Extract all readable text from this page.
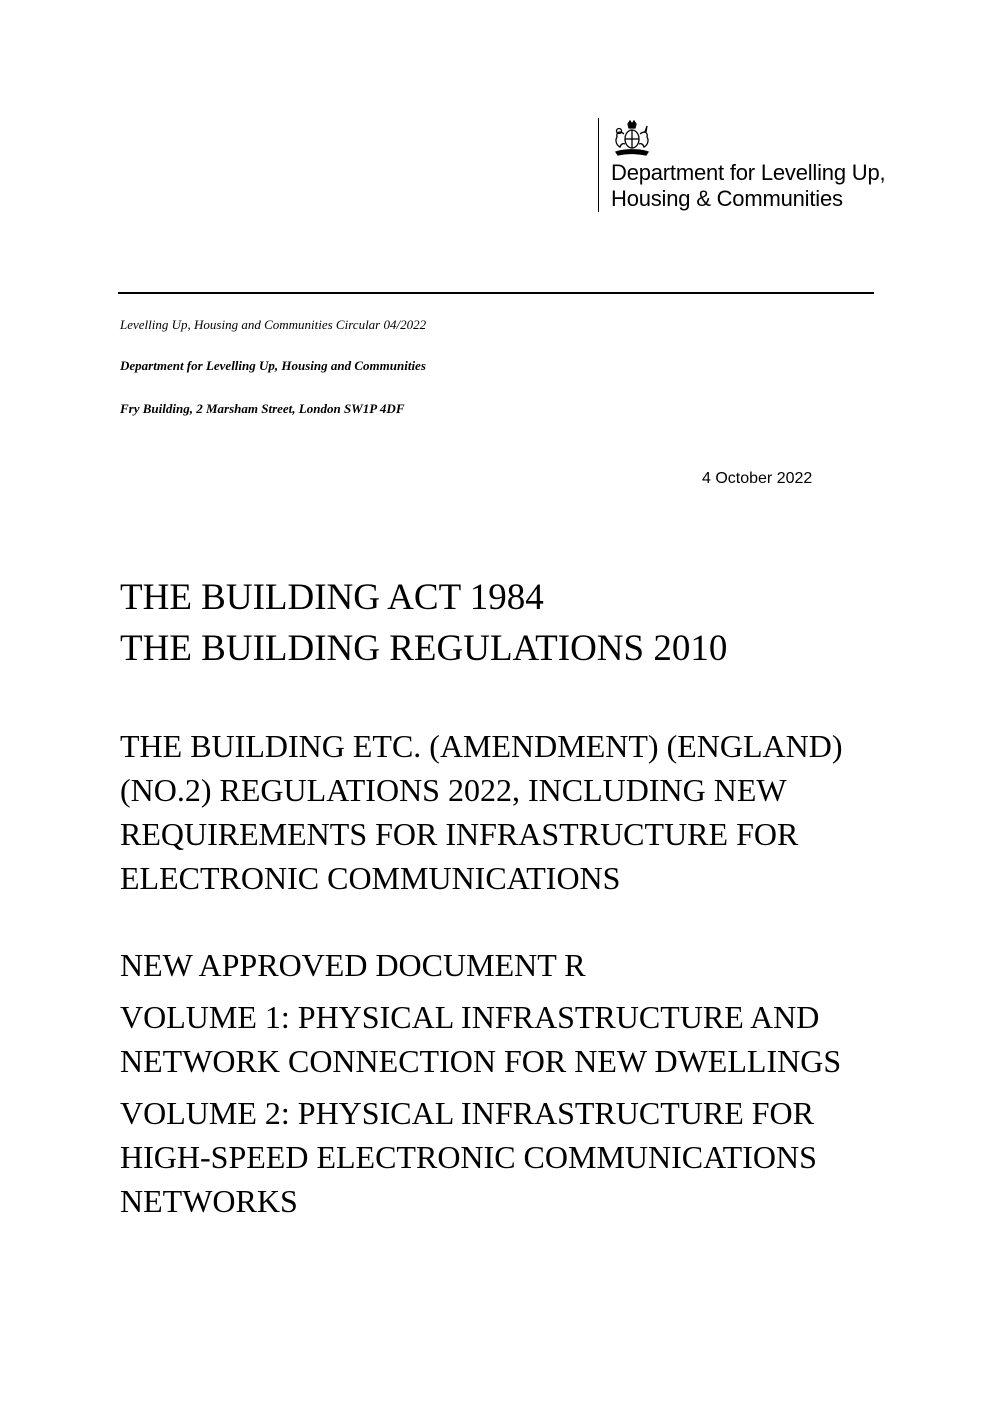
Department for Levelling Up,
Housing & Communities
Levelling Up, Housing and Communities Circular 04/2022
Department for Levelling Up, Housing and Communities
Fry Building, 2 Marsham Street, London SW1P 4DF
4 October 2022
THE BUILDING ACT 1984
THE BUILDING REGULATIONS 2010
THE BUILDING ETC. (AMENDMENT) (ENGLAND)
(NO.2) REGULATIONS 2022, INCLUDING NEW
REQUIREMENTS FOR INFRASTRUCTURE FOR
ELECTRONIC COMMUNICATIONS
NEW APPROVED DOCUMENT R
VOLUME 1: PHYSICAL INFRASTRUCTURE AND
NETWORK CONNECTION FOR NEW DWELLINGS
VOLUME 2: PHYSICAL INFRASTRUCTURE FOR
HIGH-SPEED ELECTRONIC COMMUNICATIONS
NETWORKS
